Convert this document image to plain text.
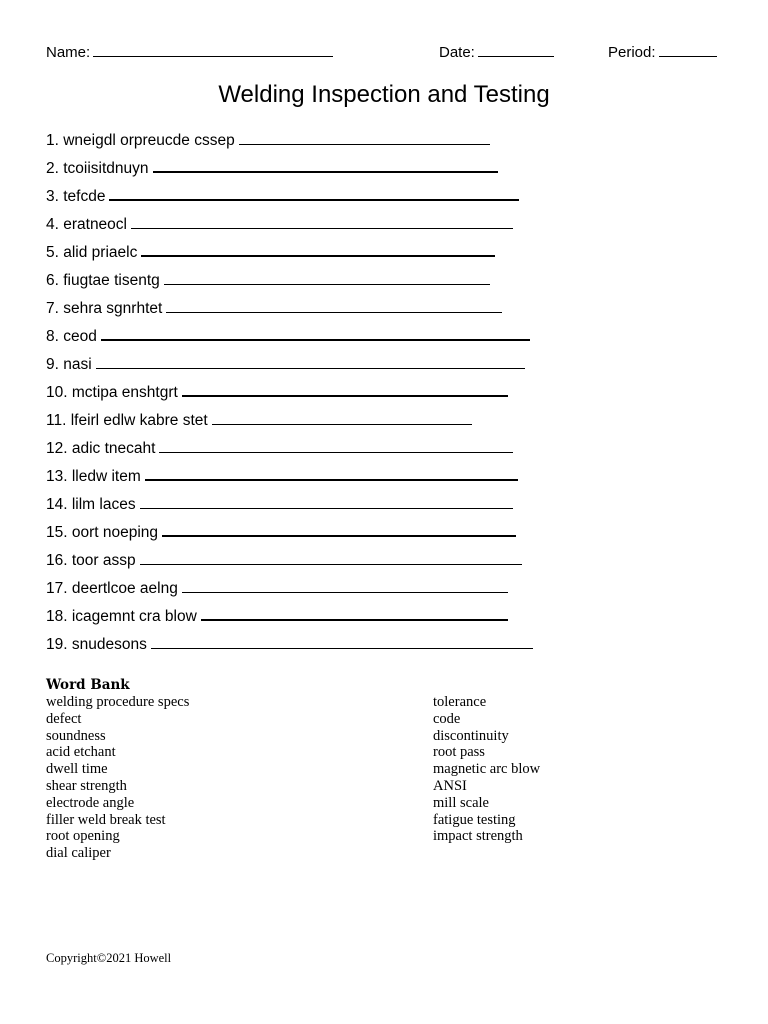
Name:	Date:	Period:
Welding Inspection and Testing
1. wneigdl orpreucde cssep
2. tcoiisitdnuyn
3. tefcde
4. eratneocl
5. alid priaelc
6. fiugtae tisentg
7. sehra sgnrhtet
8. ceod
9. nasi
10. mctipa enshtgrt
11. lfeirl edlw kabre stet
12. adic tnecaht
13. lledw item
14. lilm laces
15. oort noeping
16. toor assp
17. deertlcoe aelng
18. icagemnt cra blow
19. snudesons
Word Bank
welding procedure specs
defect
soundness
acid etchant
dwell time
shear strength
electrode angle
filler weld break test
root opening
dial caliper
tolerance
code
discontinuity
root pass
magnetic arc blow
ANSI
mill scale
fatigue testing
impact strength
Copyright©2021 Howell
